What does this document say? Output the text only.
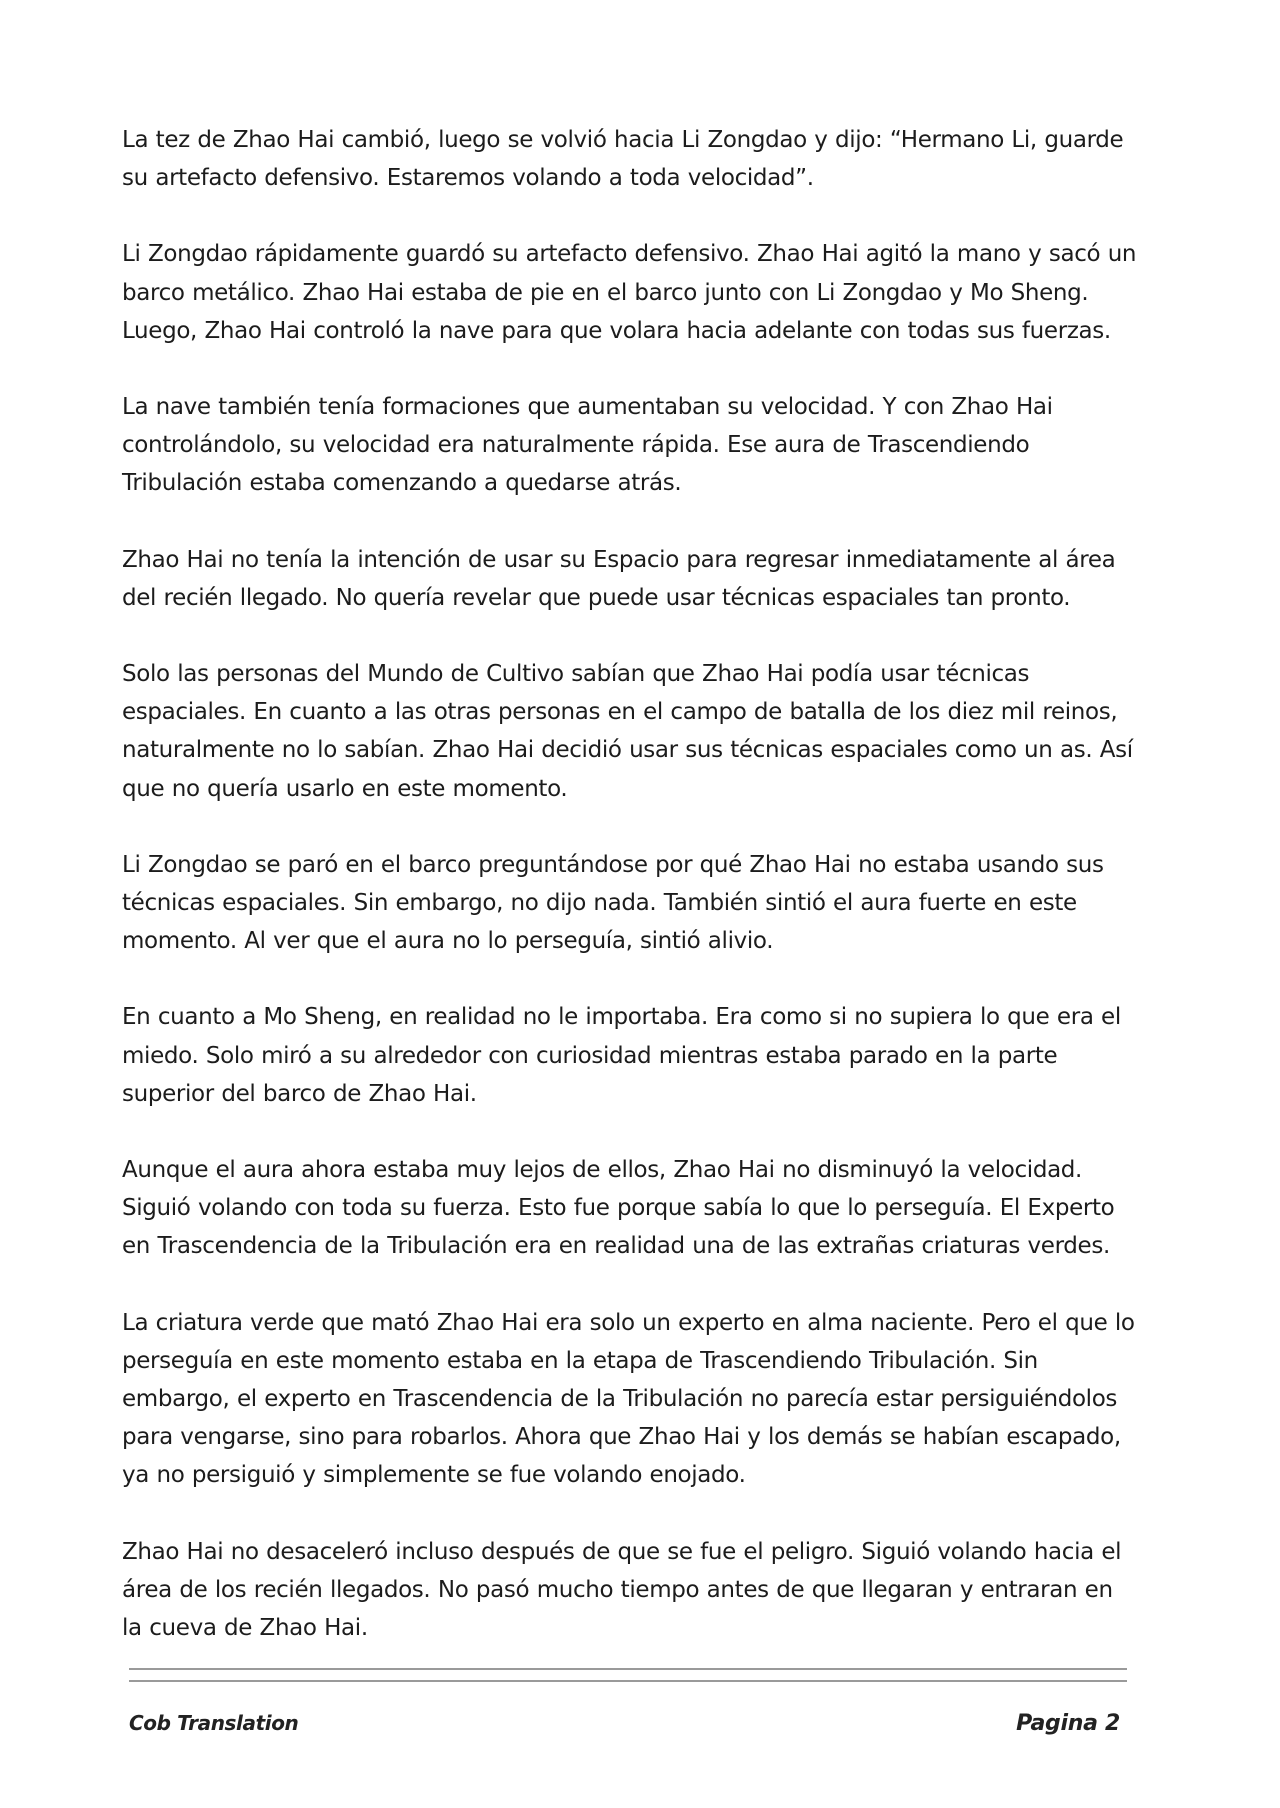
La tez de Zhao Hai cambió, luego se volvió hacia Li Zongdao y dijo: “Hermano Li, guarde su artefacto defensivo. Estaremos volando a toda velocidad”.

Li Zongdao rápidamente guardó su artefacto defensivo. Zhao Hai agitó la mano y sacó un barco metálico. Zhao Hai estaba de pie en el barco junto con Li Zongdao y Mo Sheng. Luego, Zhao Hai controló la nave para que volara hacia adelante con todas sus fuerzas.

La nave también tenía formaciones que aumentaban su velocidad. Y con Zhao Hai controlándolo, su velocidad era naturalmente rápida. Ese aura de Trascendiendo Tribulación estaba comenzando a quedarse atrás.

Zhao Hai no tenía la intención de usar su Espacio para regresar inmediatamente al área del recién llegado. No quería revelar que puede usar técnicas espaciales tan pronto.

Solo las personas del Mundo de Cultivo sabían que Zhao Hai podía usar técnicas espaciales. En cuanto a las otras personas en el campo de batalla de los diez mil reinos, naturalmente no lo sabían. Zhao Hai decidió usar sus técnicas espaciales como un as. Así que no quería usarlo en este momento.

Li Zongdao se paró en el barco preguntándose por qué Zhao Hai no estaba usando sus técnicas espaciales. Sin embargo, no dijo nada. También sintió el aura fuerte en este momento. Al ver que el aura no lo perseguía, sintió alivio.

En cuanto a Mo Sheng, en realidad no le importaba. Era como si no supiera lo que era el miedo. Solo miró a su alrededor con curiosidad mientras estaba parado en la parte superior del barco de Zhao Hai.

Aunque el aura ahora estaba muy lejos de ellos, Zhao Hai no disminuyó la velocidad. Siguió volando con toda su fuerza. Esto fue porque sabía lo que lo perseguía. El Experto en Trascendencia de la Tribulación era en realidad una de las extrañas criaturas verdes.

La criatura verde que mató Zhao Hai era solo un experto en alma naciente. Pero el que lo perseguía en este momento estaba en la etapa de Trascendiendo Tribulación. Sin embargo, el experto en Trascendencia de la Tribulación no parecía estar persiguiéndolos para vengarse, sino para robarlos. Ahora que Zhao Hai y los demás se habían escapado, ya no persiguió y simplemente se fue volando enojado.

Zhao Hai no desaceleró incluso después de que se fue el peligro. Siguió volando hacia el área de los recién llegados. No pasó mucho tiempo antes de que llegaran y entraran en la cueva de Zhao Hai.

Cob Translation	Pagina 2
